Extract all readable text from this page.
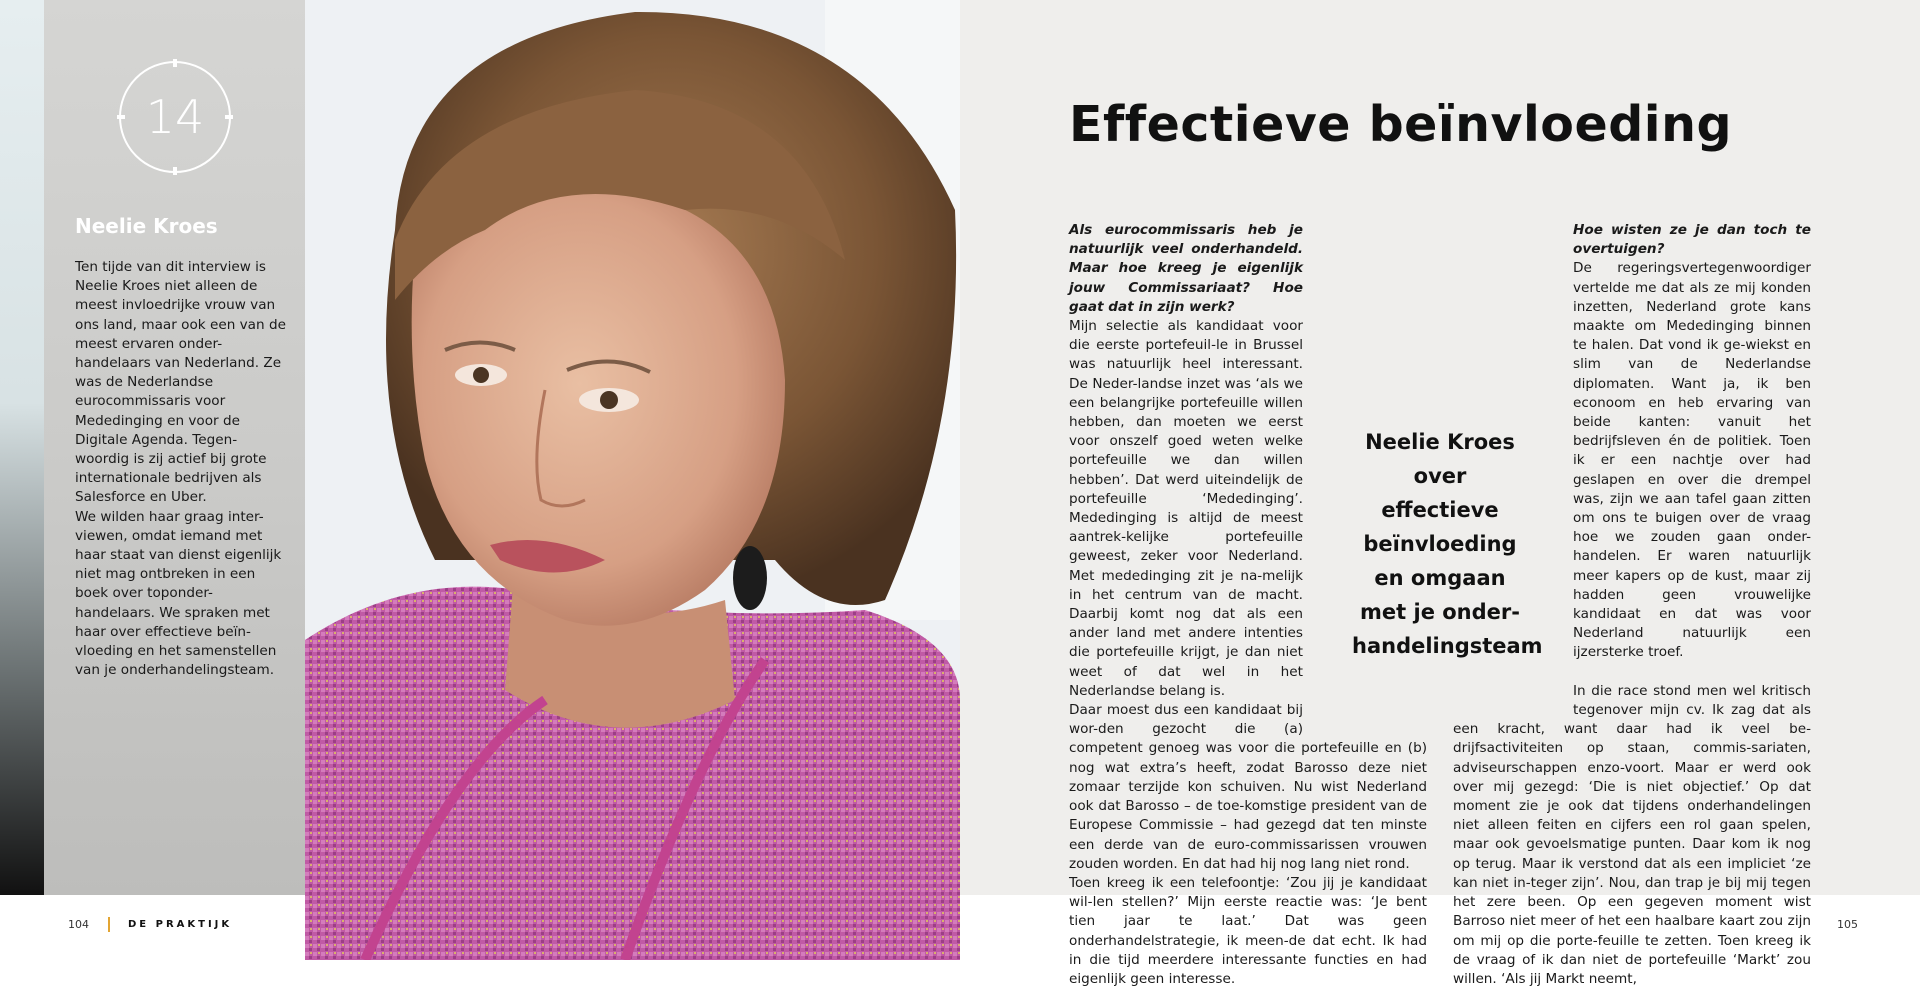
14
Neelie Kroes

Ten tijde van dit interview is Neelie Kroes niet alleen de meest invloedrijke vrouw van ons land, maar ook een van de meest ervaren onder-handelaars van Nederland. Ze was de Nederlandse eurocommissaris voor Mededinging en voor de Digitale Agenda. Tegen-woordig is zij actief bij grote internationale bedrijven als Salesforce en Uber.

We wilden haar graag inter-viewen, omdat iemand met haar staat van dienst eigenlijk niet mag ontbreken in een boek over toponder-handelaars. We spraken met haar over effectieve beïn-vloeding en het samenstellen van je onderhandelingsteam.

104	DE PRAKTIJK
Effectieve beïnvloeding

Als eurocommissaris heb je natuurlijk veel onderhandeld. Maar hoe kreeg je eigenlijk jouw Commissariaat? Hoe gaat dat in zijn werk?

Mijn selectie als kandidaat voor die eerste portefeuil-le in Brussel was natuurlijk heel interessant. De Neder-landse inzet was ‘als we een belangrijke portefeuille willen hebben, dan moeten we eerst voor onszelf goed weten welke portefeuille we dan willen hebben’. Dat werd uiteindelijk de portefeuille ‘Mededinging’. Mededinging is altijd de meest aantrek-kelijke portefeuille geweest, zeker voor Nederland. Met mededinging zit je na-melijk in het centrum van de macht. Daarbij komt nog dat als een ander land met andere intenties die portefeuille krijgt, je dan niet weet of dat wel in het Nederlandse belang is.

Daar moest dus een kandidaat bij wor-den gezocht die (a) competent genoeg was voor die portefeuille en (b) nog wat extra’s heeft, zodat Barosso deze niet zomaar terzijde kon schuiven. Nu wist Nederland ook dat Barosso – de toe-komstige president van de Europese Commissie – had gezegd dat ten minste een derde van de euro-commissarissen vrouwen zouden worden. En dat had hij nog lang niet rond.

Toen kreeg ik een telefoontje: ‘Zou jij je kandidaat wil-len stellen?’ Mijn eerste reactie was: ‘Je bent tien jaar te laat.’ Dat was geen onderhandelstrategie, ik meen-de dat echt. Ik had in die tijd meerdere interessante functies en had eigenlijk geen interesse.

Hoe wisten ze je dan toch te overtuigen?

De regeringsvertegenwoordiger vertelde me dat als ze mij konden inzetten, Nederland grote kans maakte om Mededinging binnen te halen. Dat vond ik ge-wiekst en slim van de Nederlandse diplomaten. Want ja, ik ben econoom en heb ervaring van beide kanten: vanuit het bedrijfsleven én de politiek. Toen ik er een nachtje over had geslapen en over die drempel was, zijn we aan tafel gaan zitten om ons te buigen over de vraag hoe we zouden gaan onder-handelen. Er waren natuurlijk meer kapers op de kust, maar zij hadden geen vrouwelijke kandidaat en dat was voor Nederland natuurlijk een ijzersterke troef.

In die race stond men wel kritisch tegenover mijn cv. Ik zag dat als een kracht, want daar had ik veel be-drijfsactiviteiten op staan, commis-sariaten, adviseurschappen enzo-voort. Maar er werd ook over mij gezegd: ‘Die is niet objectief.’ Op dat moment zie je ook dat tijdens onderhandelingen niet alleen feiten en cijfers een rol gaan spelen, maar ook gevoelsmatige punten. Daar kom ik nog op terug. Maar ik verstond dat als een impliciet ‘ze kan niet in-teger zijn’. Nou, dan trap je bij mij tegen het zere been. Op een gegeven moment wist Barroso niet meer of het een haalbare kaart zou zijn om mij op die porte-feuille te zetten. Toen kreeg ik de vraag of ik dan niet de portefeuille ‘Markt’ zou willen. ‘Als jij Markt neemt,

Neelie Kroes over effectieve beïnvloeding en omgaan met je onder-handelingsteam

105
